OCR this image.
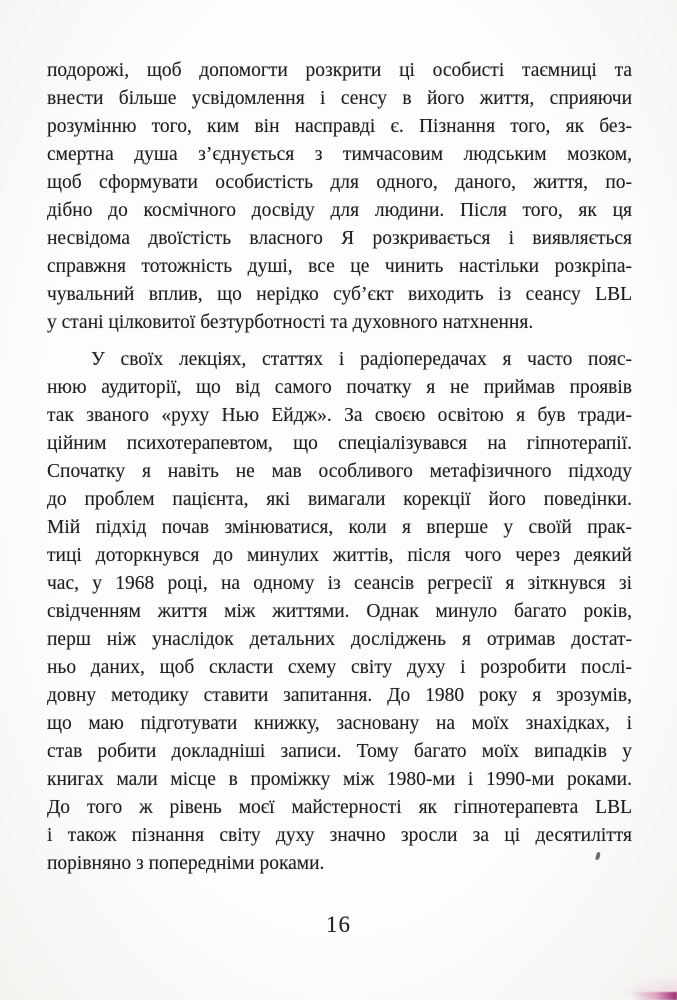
подорожі, щоб допомогти розкрити ці особисті таємниці та
внести більше усвідомлення і сенсу в його життя, сприяючи
розумінню того, ким він насправді є. Пізнання того, як без-
смертна душа з’єднується з тимчасовим людським мозком,
щоб сформувати особистість для одного, даного, життя, по-
дібно до космічного досвіду для людини. Після того, як ця
несвідома двоїстість власного Я розкривається і виявляється
справжня тотожність душі, все це чинить настільки розкріпа-
чувальний вплив, що нерідко суб’єкт виходить із сеансу LBL
у стані цілковитої безтурботності та духовного натхнення.
У своїх лекціях, статтях і радіопередачах я часто пояс-
нюю аудиторії, що від самого початку я не приймав проявів
так званого «руху Нью Ейдж». За своєю освітою я був тради-
ційним психотерапевтом, що спеціалізувався на гіпнотерапії.
Спочатку я навіть не мав особливого метафізичного підходу
до проблем пацієнта, які вимагали корекції його поведінки.
Мій підхід почав змінюватися, коли я вперше у своїй прак-
тиці доторкнувся до минулих життів, після чого через деякий
час, у 1968 році, на одному із сеансів регресії я зіткнувся зі
свідченням життя між життями. Однак минуло багато років,
перш ніж унаслідок детальних досліджень я отримав достат-
ньо даних, щоб скласти схему світу духу і розробити послі-
довну методику ставити запитання. До 1980 року я зрозумів,
що маю підготувати книжку, засновану на моїх знахідках, і
став робити докладніші записи. Тому багато моїх випадків у
книгах мали місце в проміжку між 1980-ми і 1990-ми роками.
До того ж рівень моєї майстерності як гіпнотерапевта LBL
і також пізнання світу духу значно зросли за ці десятиліття
порівняно з попередніми роками.
16
